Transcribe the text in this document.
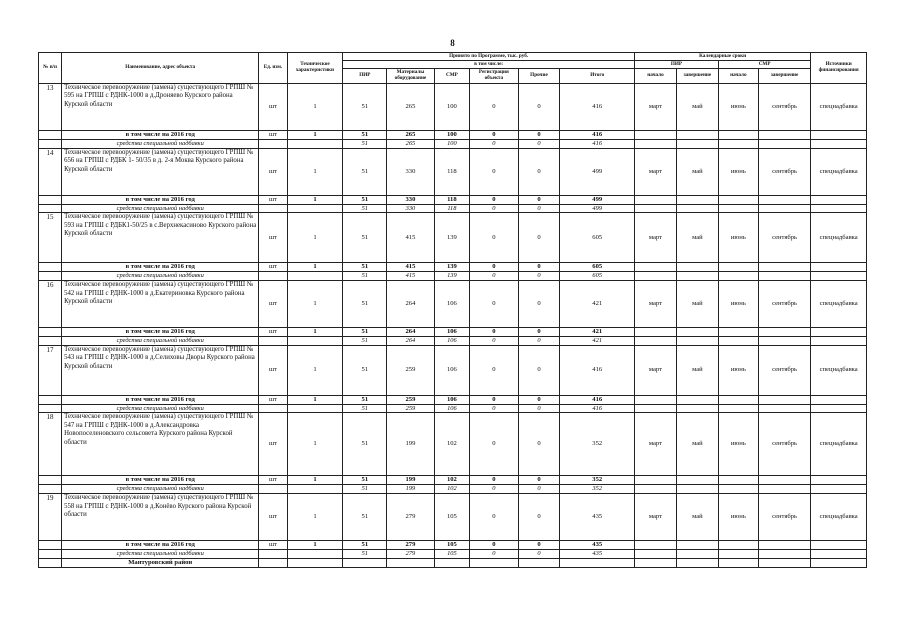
8
№ п/п	Наименование, адрес объекта	Ед. изм.	Техническое характеристики	Принято по Программе, тыс. руб.						Календарные сроки				Источники финансирования
				в том числе:						ПИР		СМР		
				ПИР	Материалы оборудование	СМР	Регистрация объекта	Прочие	Итого	начало	завершение	начало	завершение	
13	Техническое перевооружение (замена) существующего ГРПШ № 595 на ГРПШ с РДНК-1000 в д.Дроняево Курского района Курской области	шт	1	51	265	100	0	0	416	март	май	июнь	сентябрь	спецнадбавка
	в том числе на 2016 год	шт	1	51	265	100	0	0	416					
	средства специальной надбавки			51	265	100	0	0	416					
14	Техническое перевооружение (замена) существующего ГРПШ № 656 на ГРПШ с РДБК 1- 50/35 в д. 2-я Моква Курского района Курской области	шт	1	51	330	118	0	0	499	март	май	июнь	сентябрь	спецнадбавка
	в том числе на 2016 год	шт	1	51	330	118	0	0	499					
	средства специальной надбавки			51	330	118	0	0	499					
15	Техническое перевооружение (замена) существующего ГРПШ № 593 на ГРПШ с РДБК1-50/25 в с.Верхнекасиново Курского района Курской области	шт	1	51	415	139	0	0	605	март	май	июнь	сентябрь	спецнадбавка
	в том числе на 2016 год	шт	1	51	415	139	0	0	605					
	средства специальной надбавки			51	415	139	0	0	605					
16	Техническое перевооружение (замена) существующего ГРПШ № 542 на ГРПШ с РДНК-1000 в д.Екатериновка Курского района Курской области	шт	1	51	264	106	0	0	421	март	май	июнь	сентябрь	спецнадбавка
	в том числе на 2016 год	шт	1	51	264	106	0	0	421					
	средства специальной надбавки			51	264	106	0	0	421					
17	Техническое перевооружение (замена) существующего ГРПШ № 543 на ГРПШ с РДНК-1000 в д.Селиховы Дворы Курского района Курской области	шт	1	51	259	106	0	0	416	март	май	июнь	сентябрь	спецнадбавка
	в том числе на 2016 год	шт	1	51	259	106	0	0	416					
	средства специальной надбавки			51	259	106	0	0	416					
18	Техническое перевооружение (замена) существующего ГРПШ № 547 на ГРПШ с РДНК-1000 в д.Александровка Новопоселеновского сельсовета Курского района Курской области	шт	1	51	199	102	0	0	352	март	май	июнь	сентябрь	спецнадбавка
	в том числе на 2016 год	шт	1	51	199	102	0	0	352					
	средства специальной надбавки			51	199	102	0	0	352					
19	Техническое перевооружение (замена) существующего ГРПШ № 558 на ГРПШ с РДНК-1000 в д.Конёво Курского района Курской области	шт	1	51	279	105	0	0	435	март	май	июнь	сентябрь	спецнадбавка
	в том числе на 2016 год	шт	1	51	279	105	0	0	435					
	средства специальной надбавки			51	279	105	0	0	435					
	Мантуровский район													
